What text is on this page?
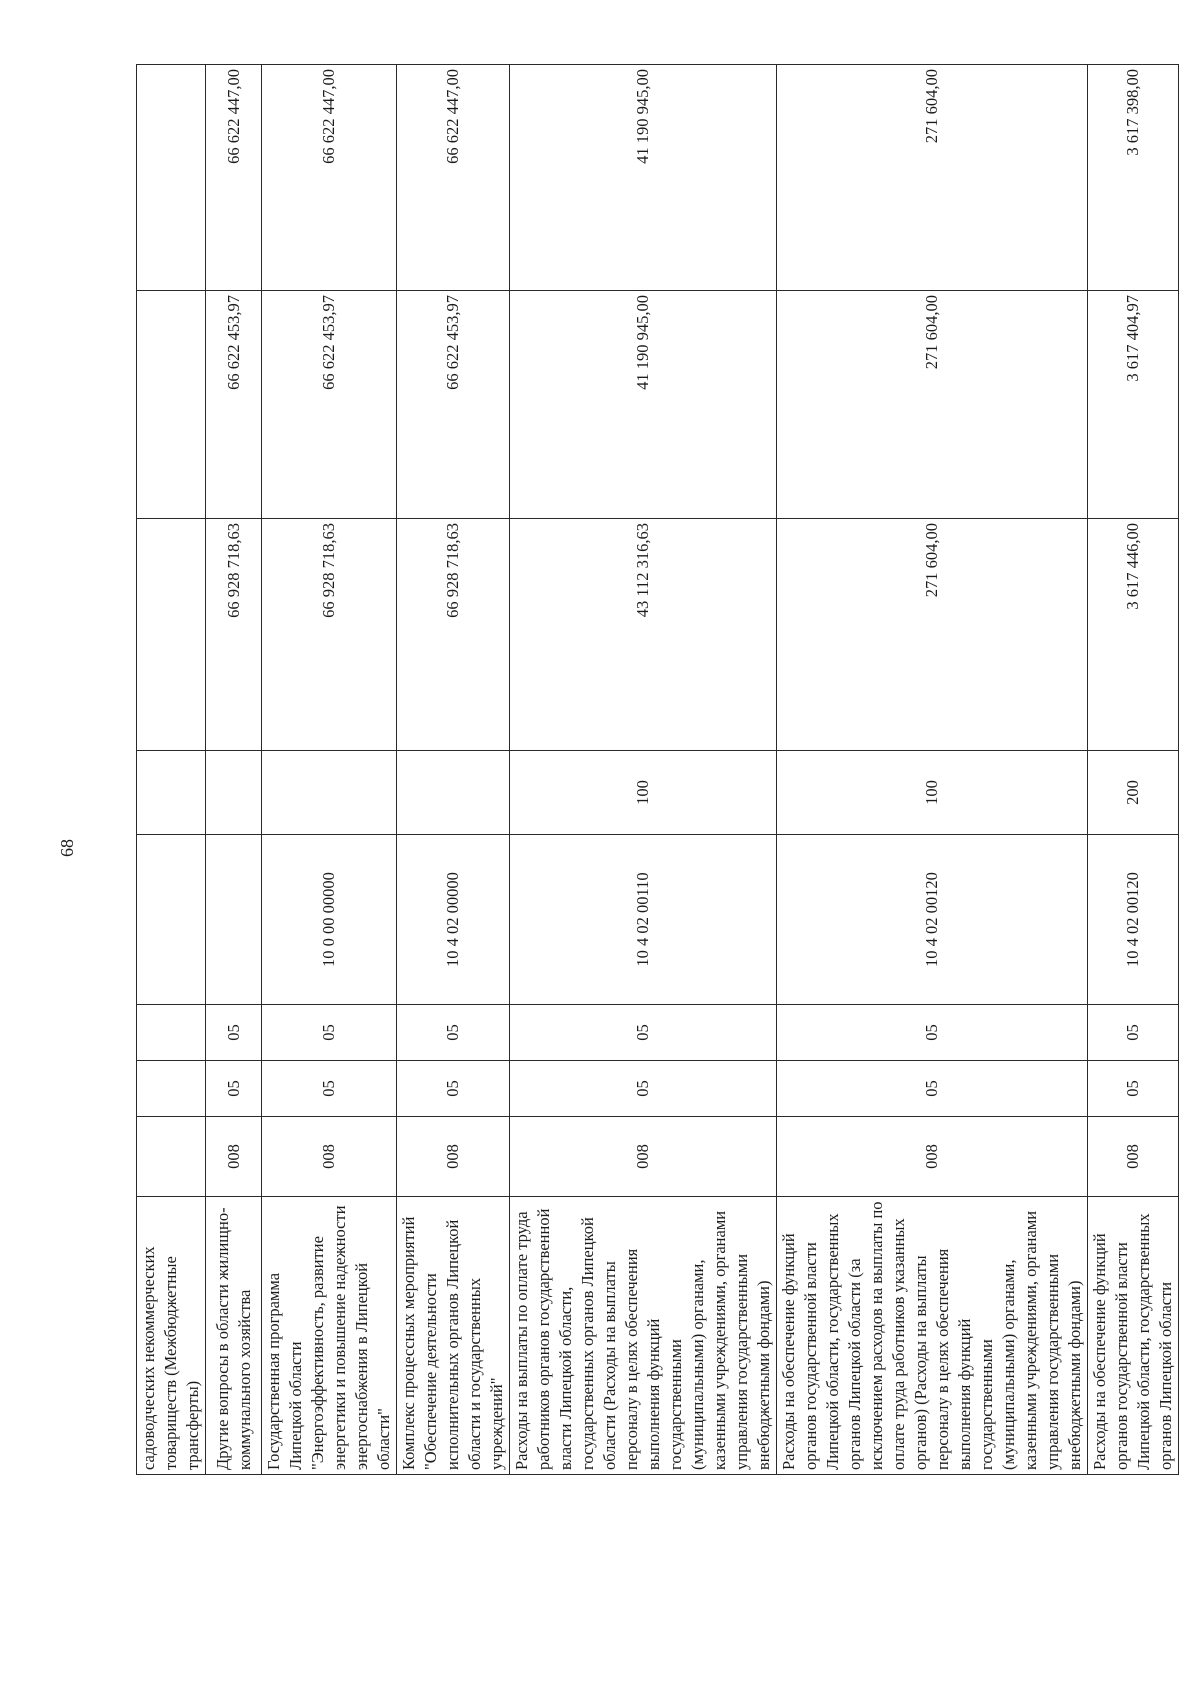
68
садоводческих некоммерческих товариществ (Межбюджетные трансферты)								
Другие вопросы в области жилищно-коммунального хозяйства	008	05	05			66 928 718,63	66 622 453,97	66 622 447,00
Государственная программа Липецкой области "Энергоэффективность, развитие энергетики и повышение надежности энергоснабжения в Липецкой области"	008	05	05	10 0 00 00000		66 928 718,63	66 622 453,97	66 622 447,00
Комплекс процессных мероприятий "Обеспечение деятельности исполнительных органов Липецкой области и государственных учреждений"	008	05	05	10 4 02 00000		66 928 718,63	66 622 453,97	66 622 447,00
Расходы на выплаты по оплате труда работников органов государственной власти Липецкой области, государственных органов Липецкой области (Расходы на выплаты персоналу в целях обеспечения выполнения функций государственными (муниципальными) органами, казенными учреждениями, органами управления государственными внебюджетными фондами)	008	05	05	10 4 02 00110	100	43 112 316,63	41 190 945,00	41 190 945,00
Расходы на обеспечение функций органов государственной власти Липецкой области, государственных органов Липецкой области (за исключением расходов на выплаты по оплате труда работников указанных органов) (Расходы на выплаты персоналу в целях обеспечения выполнения функций государственными (муниципальными) органами, казенными учреждениями, органами управления государственными внебюджетными фондами)	008	05	05	10 4 02 00120	100	271 604,00	271 604,00	271 604,00
Расходы на обеспечение функций органов государственной власти Липецкой области, государственных органов Липецкой области	008	05	05	10 4 02 00120	200	3 617 446,00	3 617 404,97	3 617 398,00
